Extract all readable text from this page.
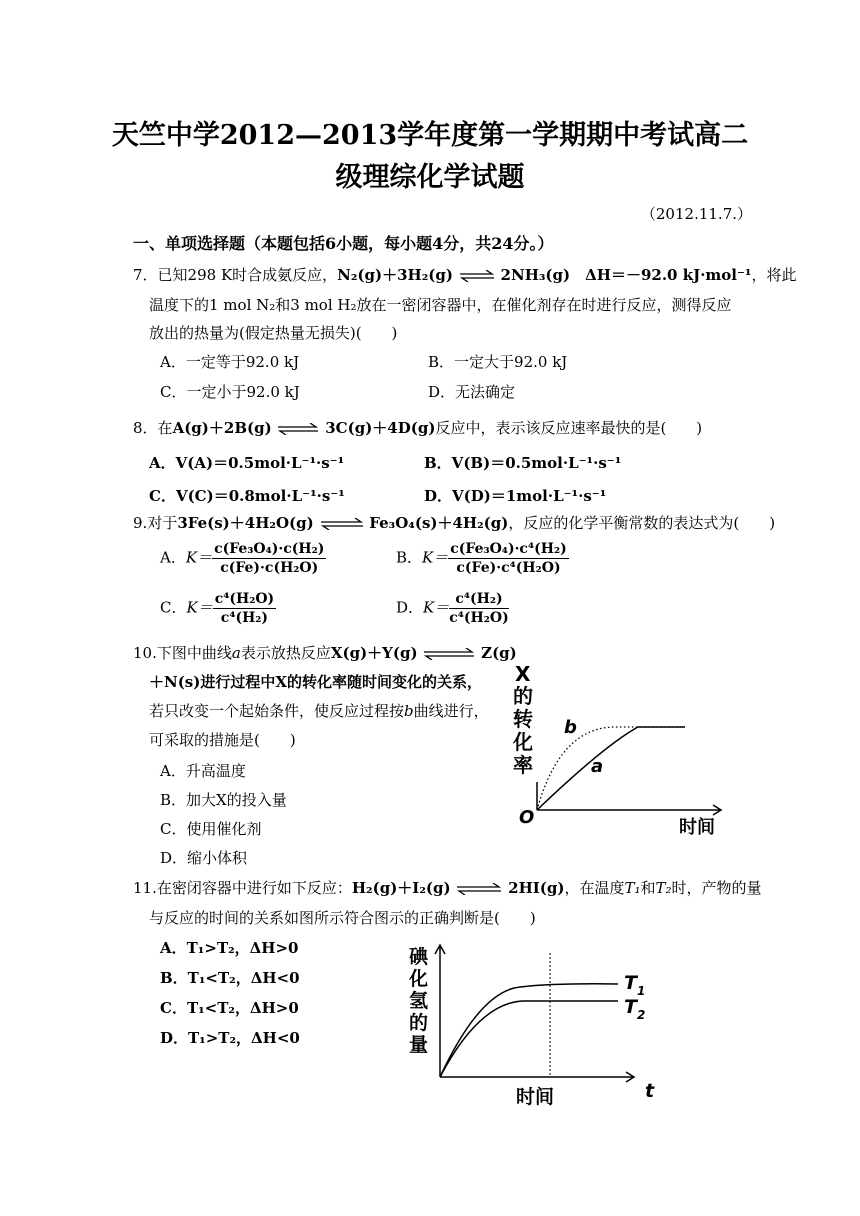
天竺中学2012—2013学年度第一学期期中考试高二
级理综化学试题
（2012.11.7.）
一、单项选择题（本题包括6小题，每小题4分，共24分。）
7．已知298 K时合成氨反应，N₂(g)＋3H₂(g) ⇌ 2NH₃(g)　 ΔH＝－92.0 kJ·mol⁻¹，将此
温度下的1 mol N₂和3 mol H₂放在一密闭容器中，在催化剂存在时进行反应，测得反应
放出的热量为(假定热量无损失)(　　)
A．一定等于92.0 kJ	B．一定大于92.0 kJ
C．一定小于92.0 kJ	D．无法确定
8．在A(g)＋2B(g) ⇌ 3C(g)＋4D(g)反应中，表示该反应速率最快的是(　　)
A．V(A)＝0.5mol·L⁻¹·s⁻¹	B．V(B)＝0.5mol·L⁻¹·s⁻¹
C．V(C)＝0.8mol·L⁻¹·s⁻¹	D．V(D)＝1mol·L⁻¹·s⁻¹
9.对于3Fe(s)＋4H₂O(g) ⇌ Fe₃O₄(s)＋4H₂(g)，反应的化学平衡常数的表达式为(　　)
A．$K= \frac{\text{c(Fe₃O₄)·c(H₂)}}{\text{c(Fe)·c(H₂O)}}$	B．$K= \frac{\text{c(Fe₃O₄)·c⁴(H₂)}}{\text{c(Fe)·c⁴(H₂O)}}$
C．$K= \frac{\text{c⁴(H₂O)}}{\text{c⁴(H₂)}}$	D．$K= \frac{\text{c⁴(H₂)}}{\text{c⁴(H₂O)}}$
10.下图中曲线a表示放热反应X(g)＋Y(g) ⇌ Z(g)
＋N(s)进行过程中X的转化率随时间变化的关系，
若只改变一个起始条件，使反应过程按b曲线进行，
可采取的措施是(　　)
A．升高温度
B．加大X的投入量
C．使用催化剂
D．缩小体积
X
的
转
化
率
b
a
O	时间
11.在密闭容器中进行如下反应：H₂(g)＋I₂(g) ⇌ 2HI(g)，在温度T₁和T₂时，产物的量
与反应的时间的关系如图所示符合图示的正确判断是(　　)
A．T₁>T₂，ΔH>0
B．T₁<T₂，ΔH<0
C．T₁<T₂，ΔH>0
D．T₁>T₂，ΔH<0
碘
化
氢
的
量
$T_1$
$T_2$
时间	t
